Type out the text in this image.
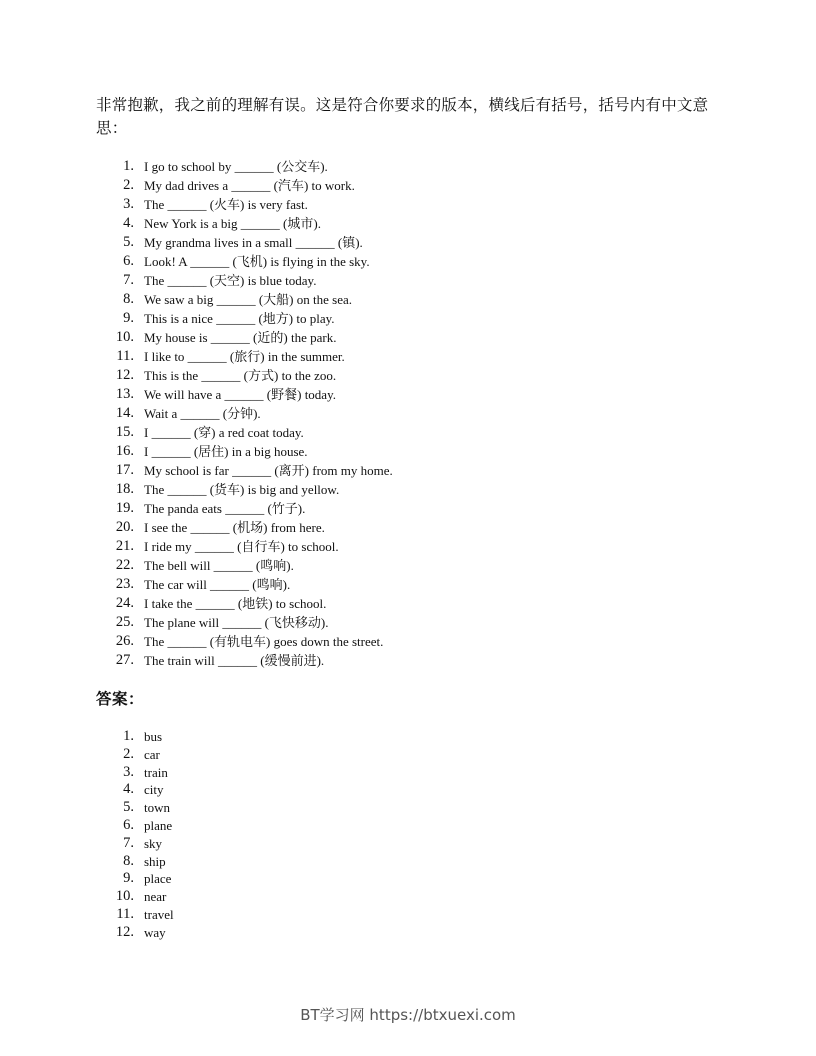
非常抱歉，我之前的理解有误。这是符合你要求的版本，横线后有括号，括号内有中文意思：
1. I go to school by ______ (公交车).
2. My dad drives a ______ (汽车) to work.
3. The ______ (火车) is very fast.
4. New York is a big ______ (城市).
5. My grandma lives in a small ______ (镇).
6. Look! A ______ (飞机) is flying in the sky.
7. The ______ (天空) is blue today.
8. We saw a big ______ (大船) on the sea.
9. This is a nice ______ (地方) to play.
10. My house is ______ (近的) the park.
11. I like to ______ (旅行) in the summer.
12. This is the ______ (方式) to the zoo.
13. We will have a ______ (野餐) today.
14. Wait a ______ (分钟).
15. I ______ (穿) a red coat today.
16. I ______ (居住) in a big house.
17. My school is far ______ (离开) from my home.
18. The ______ (货车) is big and yellow.
19. The panda eats ______ (竹子).
20. I see the ______ (机场) from here.
21. I ride my ______ (自行车) to school.
22. The bell will ______ (鸣响).
23. The car will ______ (鸣响).
24. I take the ______ (地铁) to school.
25. The plane will ______ (飞快移动).
26. The ______ (有轨电车) goes down the street.
27. The train will ______ (缓慢前进).
答案：
1. bus
2. car
3. train
4. city
5. town
6. plane
7. sky
8. ship
9. place
10. near
11. travel
12. way
BT学习网 https://btxuexi.com
